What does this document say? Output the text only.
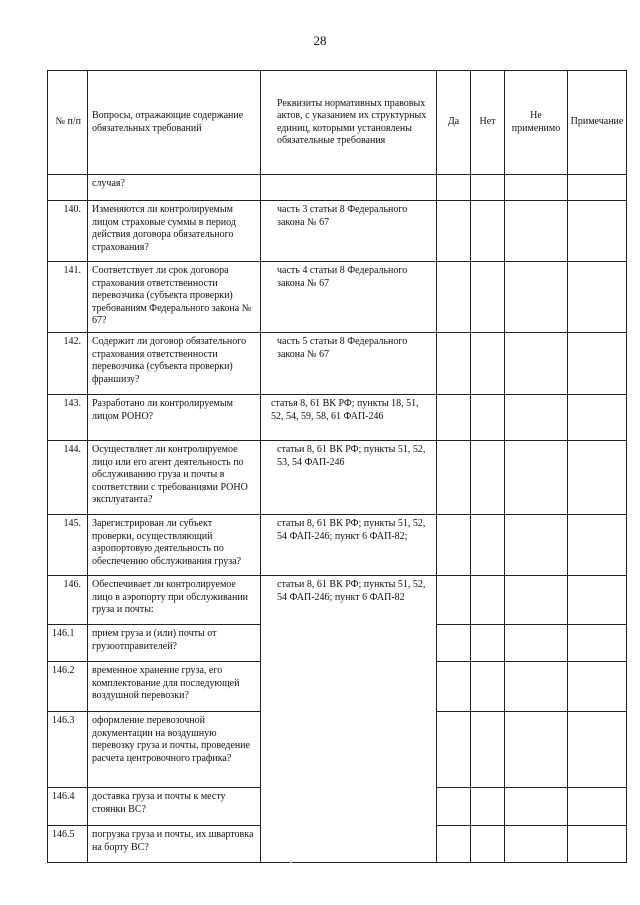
28
№ п/п	Вопросы, отражающие содержание обязательных требований	Реквизиты нормативных правовых актов, с указанием их структурных единиц, которыми установлены обязательные требования	Да	Нет	Не применимо	Примечание
	случая?					
140.	Изменяются ли контролируемым лицом страховые суммы в период действия договора обязательного страхования?	часть 3 статьи 8 Федерального закона № 67				
141.	Соответствует ли срок договора страхования ответственности перевозчика (субъекта проверки) требованиям Федерального закона № 67?	часть 4 статьи 8 Федерального закона № 67				
142.	Содержит ли договор обязательного страхования ответственности перевозчика (субъекта проверки) франшизу?	часть 5 статьи 8 Федерального закона № 67				
143.	Разработано ли контролируемым лицом РОНО?	статья 8, 61 ВК РФ; пункты 18, 51, 52, 54, 59, 58, 61 ФАП-246				
144.	Осуществляет ли контролируемое лицо или его агент деятельность по обслуживанию груза и почты в соответствии с требованиями РОНО эксплуатанта?	статьи 8, 61 ВК РФ; пункты 51, 52, 53, 54 ФАП-246				
145.	Зарегистрирован ли субъект проверки, осуществляющий аэропортовую деятельность по обеспечению обслуживания груза?	статьи 8, 61 ВК РФ; пункты 51, 52, 54 ФАП-246; пункт 6 ФАП-82;				
146.	Обеспечивает ли контролируемое лицо в аэропорту при обслуживании груза и почты:	статьи 8, 61 ВК РФ; пункты 51, 52, 54 ФАП-246; пункт 6 ФАП-82				
146.1	прием груза и (или) почты от грузоотправителей?					
146.2	временное хранение груза, его комплектование для последующей воздушной перевозки?					
146.3	оформление перевозочной документации на воздушную перевозку груза и почты, проведение расчета центровочного графика?					
146.4	доставка груза и почты к месту стоянки ВС?					
146.5	погрузка груза и почты, их швартовка на борту ВС?					
